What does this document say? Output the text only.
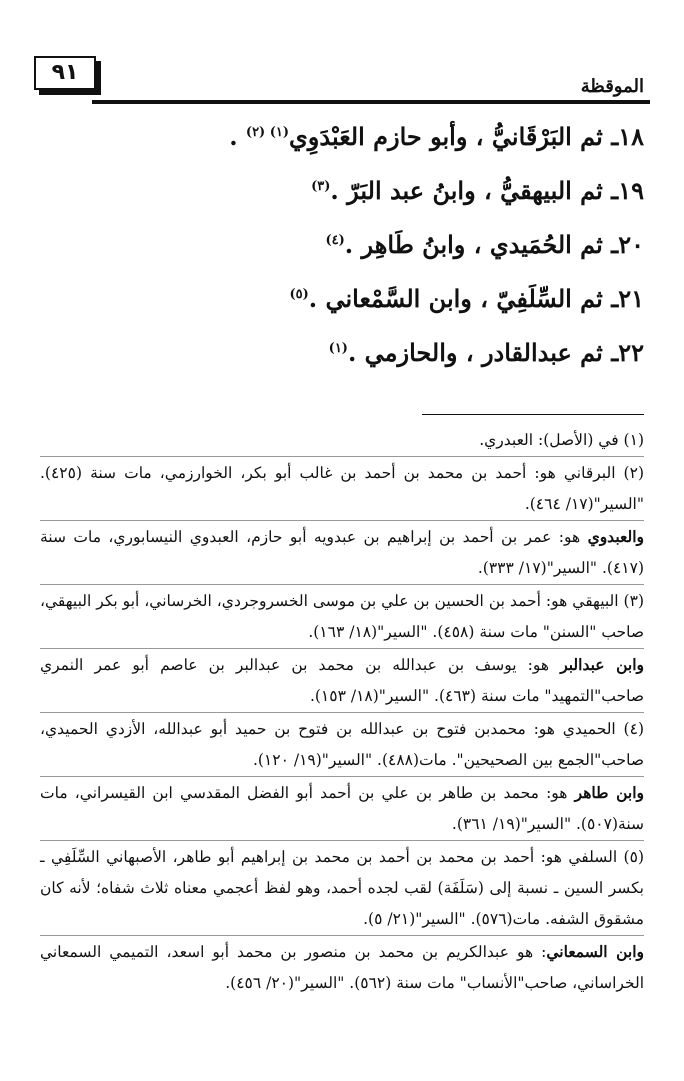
٩١
الموقظة
١٨ـ ثم البَرْقَانيُّ ، وأبو حازم العَبْدَوِي$^{(١) (٢)}$ .
١٩ـ ثم البيهقيُّ ، وابنُ عبد البَرّ .$^{(٣)}$
٢٠ـ ثم الحُمَيدي ، وابنُ طَاهِر .$^{(٤)}$
٢١ـ ثم السِّلَفِيّ ، وابن السَّمْعاني .$^{(٥)}$
٢٢ـ ثم عبدالقادر ، والحازمي .$^{(١)}$

(١) في (الأصل): العبدري.

(٢) البرقاني هو: أحمد بن محمد بن أحمد بن غالب أبو بكر، الخوارزمي، مات سنة (٤٢٥). "السير"(١٧/ ٤٦٤).

والعبدوي هو: عمر بن أحمد بن إبراهيم بن عبدويه أبو حازم، العبدوي النيسابوري، مات سنة (٤١٧). "السير"(١٧/ ٣٣٣).

(٣) البيهقي هو: أحمد بن الحسين بن علي بن موسى الخسروجردي، الخرساني، أبو بكر البيهقي، صاحب "السنن" مات سنة (٤٥٨). "السير"(١٨/ ١٦٣).

وابن عبدالبر هو: يوسف بن عبدالله بن محمد بن عبدالبر بن عاصم أبو عمر النمري صاحب"التمهيد" مات سنة (٤٦٣). "السير"(١٨/ ١٥٣).

(٤) الحميدي هو: محمدبن فتوح بن عبدالله بن فتوح بن حميد أبو عبدالله، الأزدي الحميدي، صاحب"الجمع بين الصحيحين". مات(٤٨٨). "السير"(١٩/ ١٢٠).

وابن طاهر هو: محمد بن طاهر بن علي بن أحمد أبو الفضل المقدسي ابن القيسراني، مات سنة(٥٠٧). "السير"(١٩/ ٣٦١).

(٥) السلفي هو: أحمد بن محمد بن أحمد بن محمد بن إبراهيم أبو طاهر، الأصبهاني السِّلَفِي ـ بكسر السين ـ نسبة إلى (سَلَفَة) لقب لجده أحمد، وهو لفظ أعجمي معناه ثلاث شفاه؛ لأنه كان مشقوق الشفه. مات(٥٧٦). "السير"(٢١/ ٥).

وابن السمعاني: هو عبدالكريم بن محمد بن منصور بن محمد أبو اسعد، التميمي السمعاني الخراساني، صاحب"الأنساب" مات سنة (٥٦٢). "السير"(٢٠/ ٤٥٦).
